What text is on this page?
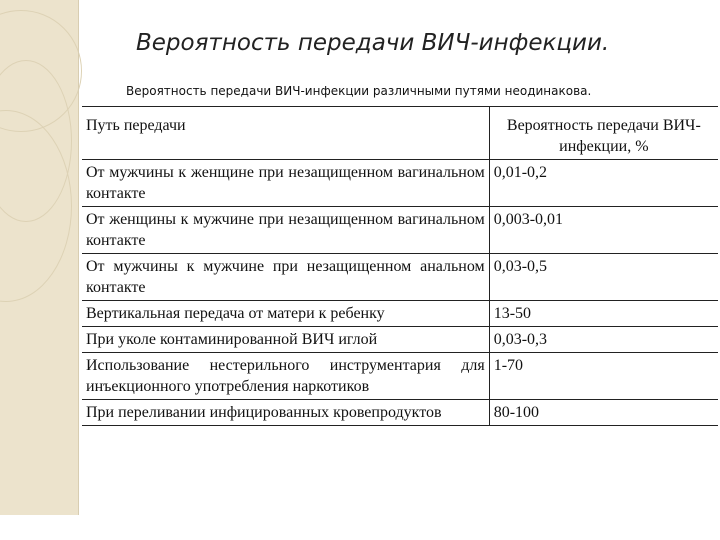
Вероятность передачи ВИЧ-инфекции.
Вероятность передачи ВИЧ-инфекции различными путями неодинакова.
Путь передачи	Вероятность передачи ВИЧ-инфекции, %
От мужчины к женщине при незащищенном вагинальном контакте	0,01-0,2
От женщины к мужчине при незащищенном вагинальном контакте	0,003-0,01
От мужчины к мужчине при незащищенном анальном контакте	0,03-0,5
Вертикальная передача от матери к ребенку	13-50
При уколе контаминированной ВИЧ иглой	0,03-0,3
Использование нестерильного инструментария для инъекционного употребления наркотиков	1-70
При переливании инфицированных кровепродуктов	80-100
